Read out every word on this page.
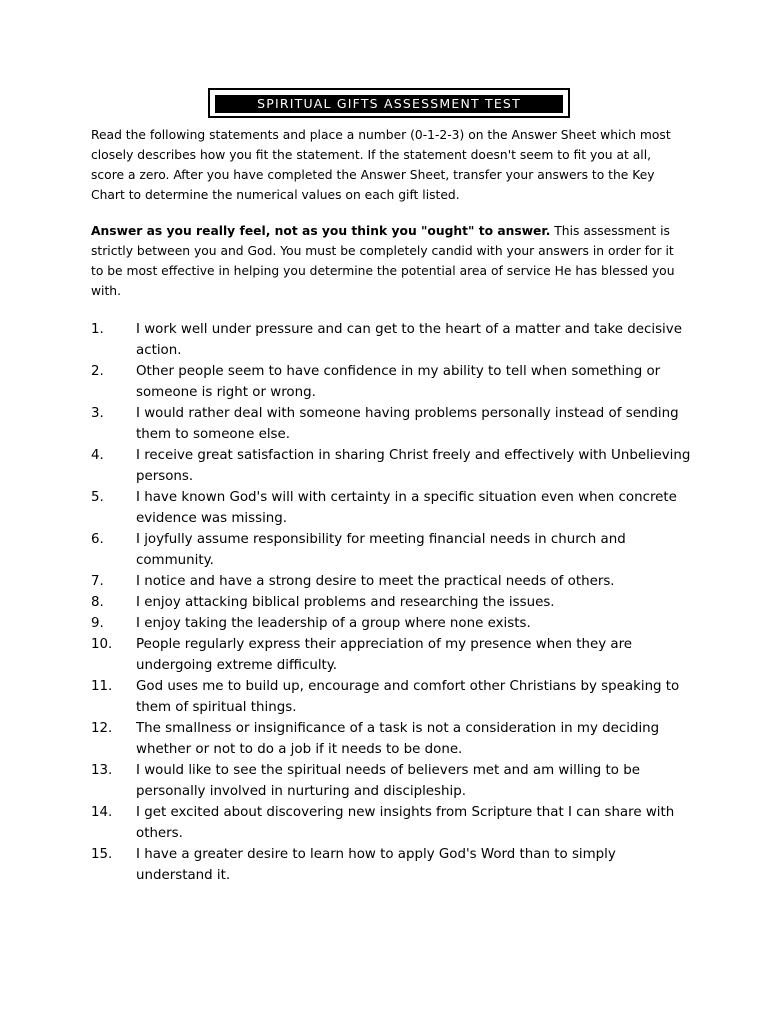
SPIRITUAL GIFTS ASSESSMENT TEST

Read the following statements and place a number (0-1-2-3) on the Answer Sheet which most closely describes how you fit the statement. If the statement doesn't seem to fit you at all, score a zero. After you have completed the Answer Sheet, transfer your answers to the Key Chart to determine the numerical values on each gift listed.

Answer as you really feel, not as you think you "ought" to answer. This assessment is strictly between you and God. You must be completely candid with your answers in order for it to be most effective in helping you determine the potential area of service He has blessed you with.

1.	I work well under pressure and can get to the heart of a matter and take decisive action.
2.	Other people seem to have confidence in my ability to tell when something or someone is right or wrong.
3.	I would rather deal with someone having problems personally instead of sending them to someone else.
4.	I receive great satisfaction in sharing Christ freely and effectively with Unbelieving persons.
5.	I have known God's will with certainty in a specific situation even when concrete evidence was missing.
6.	I joyfully assume responsibility for meeting financial needs in church and community.
7.	I notice and have a strong desire to meet the practical needs of others.
8.	I enjoy attacking biblical problems and researching the issues.
9.	I enjoy taking the leadership of a group where none exists.
10.	People regularly express their appreciation of my presence when they are undergoing extreme difficulty.
11.	God uses me to build up, encourage and comfort other Christians by speaking to them of spiritual things.
12.	The smallness or insignificance of a task is not a consideration in my deciding whether or not to do a job if it needs to be done.
13.	I would like to see the spiritual needs of believers met and am willing to be personally involved in nurturing and discipleship.
14.	I get excited about discovering new insights from Scripture that I can share with others.
15.	I have a greater desire to learn how to apply God's Word than to simply understand it.
